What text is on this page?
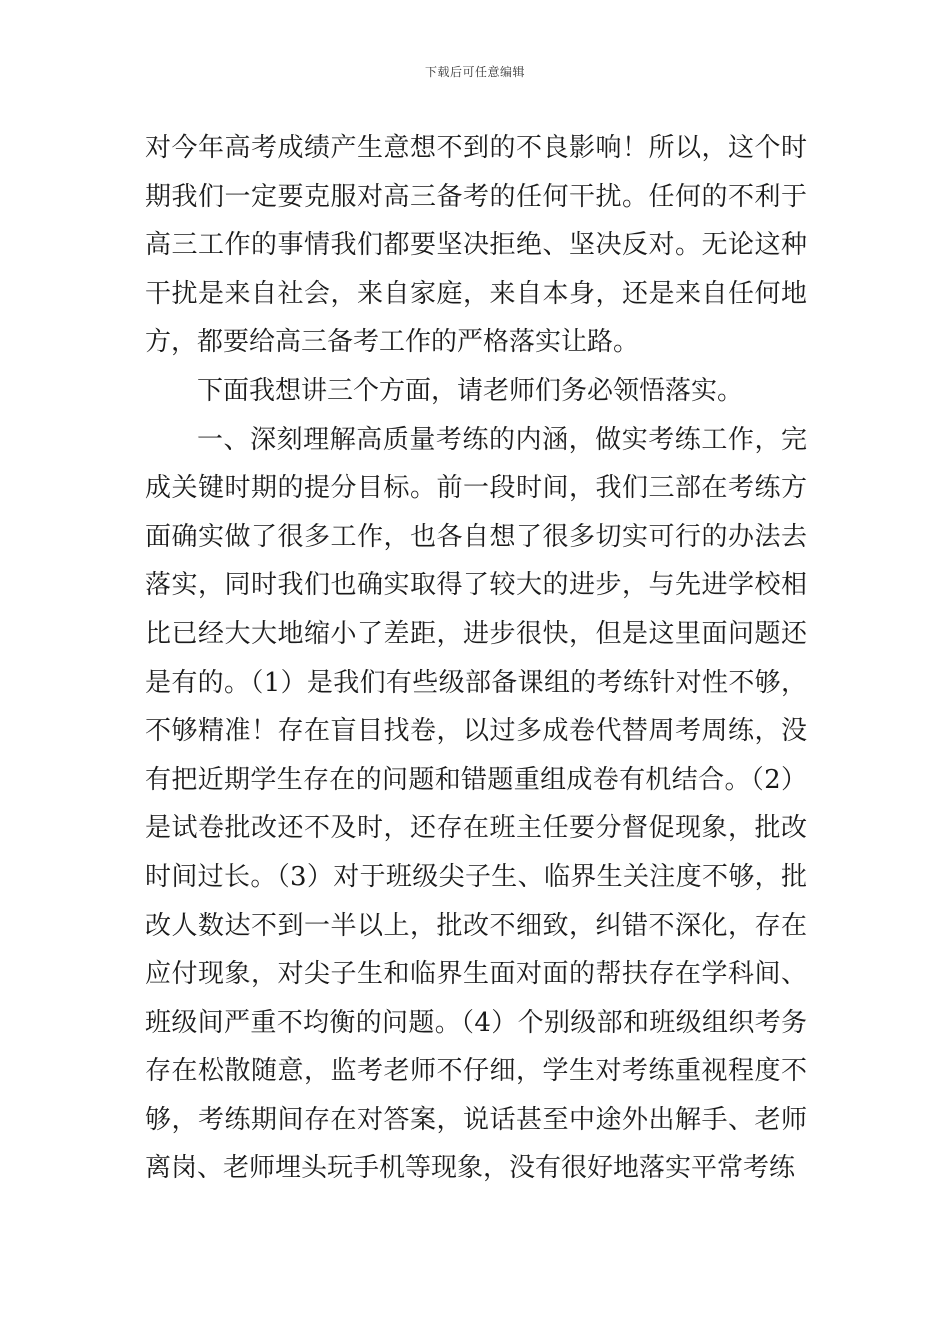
下载后可任意编辑

对今年高考成绩产生意想不到的不良影响！所以，这个时期我们一定要克服对高三备考的任何干扰。任何的不利于高三工作的事情我们都要坚决拒绝、坚决反对。无论这种干扰是来自社会，来自家庭，来自本身，还是来自任何地方，都要给高三备考工作的严格落实让路。

下面我想讲三个方面，请老师们务必领悟落实。

一、深刻理解高质量考练的内涵，做实考练工作，完成关键时期的提分目标。前一段时间，我们三部在考练方面确实做了很多工作，也各自想了很多切实可行的办法去落实，同时我们也确实取得了较大的进步，与先进学校相比已经大大地缩小了差距，进步很快，但是这里面问题还是有的。（1）是我们有些级部备课组的考练针对性不够，不够精准！存在盲目找卷，以过多成卷代替周考周练，没有把近期学生存在的问题和错题重组成卷有机结合。（2）是试卷批改还不及时，还存在班主任要分督促现象，批改时间过长。（3）对于班级尖子生、临界生关注度不够，批改人数达不到一半以上，批改不细致，纠错不深化，存在应付现象，对尖子生和临界生面对面的帮扶存在学科间、班级间严重不均衡的问题。（4）个别级部和班级组织考务存在松散随意，监考老师不仔细，学生对考练重视程度不够，考练期间存在对答案，说话甚至中途外出解手、老师离岗、老师埋头玩手机等现象，没有很好地落实平常考练
